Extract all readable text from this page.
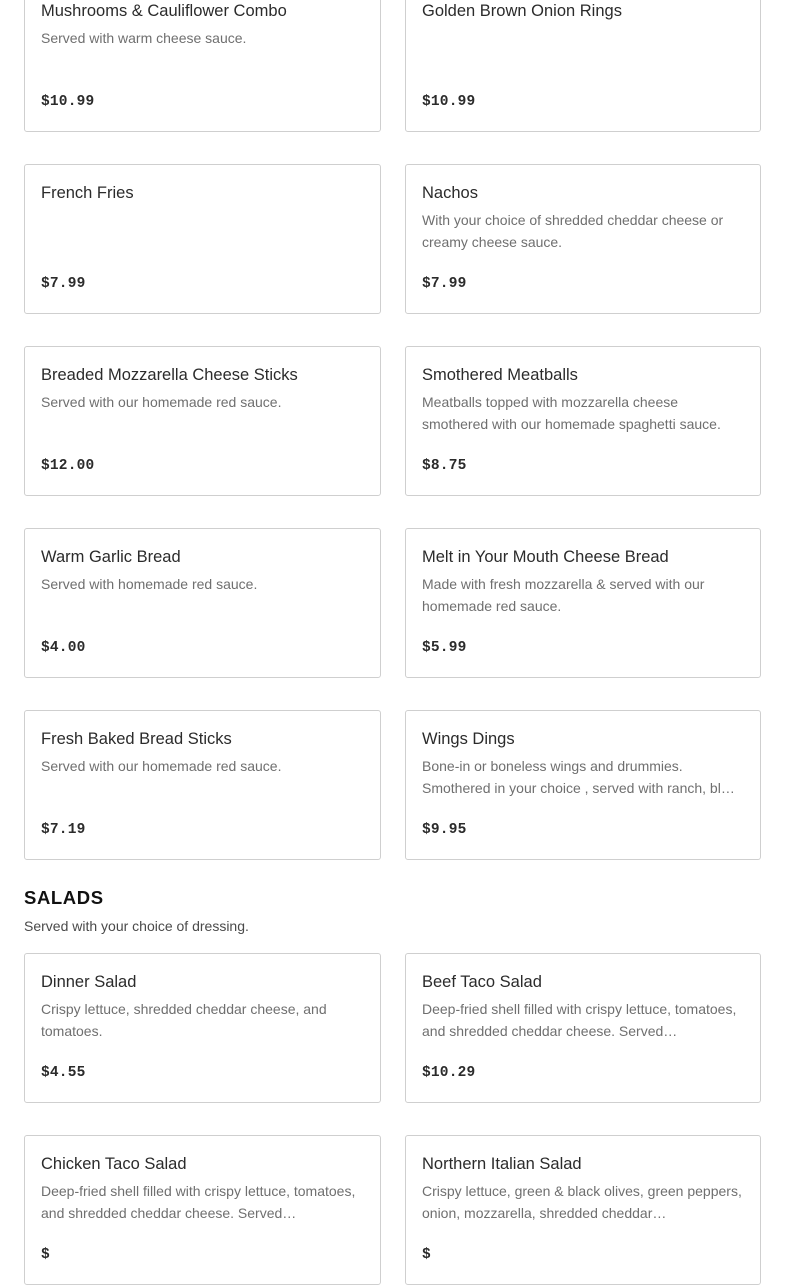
Mushrooms & Cauliflower Combo
Served with warm cheese sauce.
$10.99
Golden Brown Onion Rings
$10.99
French Fries
$7.99
Nachos
With your choice of shredded cheddar cheese or creamy cheese sauce.
$7.99
Breaded Mozzarella Cheese Sticks
Served with our homemade red sauce.
$12.00
Smothered Meatballs
Meatballs topped with mozzarella cheese smothered with our homemade spaghetti sauce.
$8.75
Warm Garlic Bread
Served with homemade red sauce.
$4.00
Melt in Your Mouth Cheese Bread
Made with fresh mozzarella & served with our homemade red sauce.
$5.99
Fresh Baked Bread Sticks
Served with our homemade red sauce.
$7.19
Wings Dings
Bone-in or boneless wings and drummies. Smothered in your choice , served with ranch, bl…
$9.95
SALADS
Served with your choice of dressing.
Dinner Salad
Crispy lettuce, shredded cheddar cheese, and tomatoes.
$4.55
Beef Taco Salad
Deep-fried shell filled with crispy lettuce, tomatoes, and shredded cheddar cheese. Served…
$10.29
Chicken Taco Salad
Deep-fried shell filled with crispy lettuce, tomatoes, and shredded cheddar cheese. Served…
$
Northern Italian Salad
Crispy lettuce, green & black olives, green peppers, onion, mozzarella, shredded cheddar…
$
